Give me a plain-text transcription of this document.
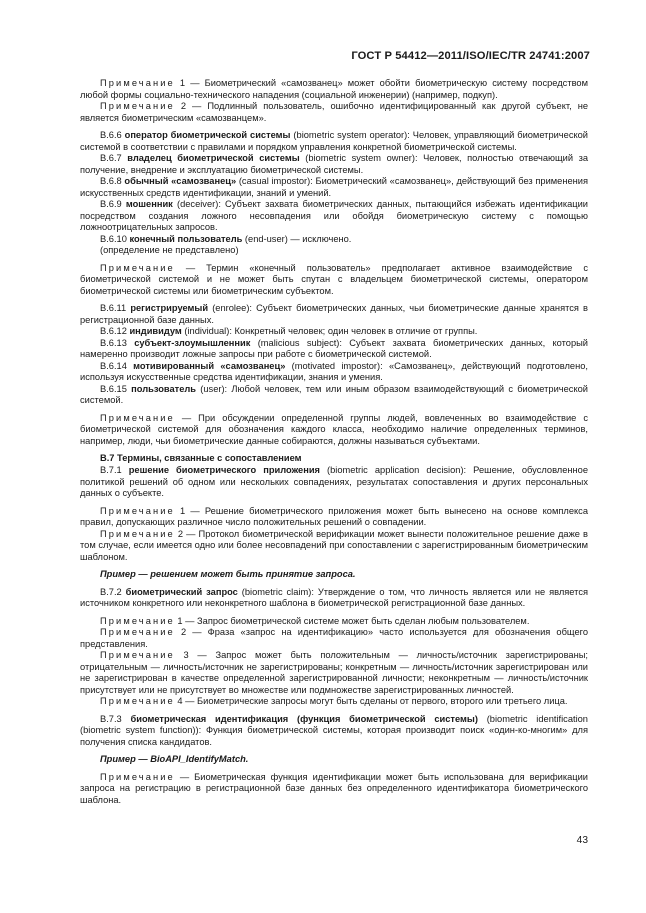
ГОСТ Р 54412—2011/ISO/IEC/TR 24741:2007

Примечание 1 — Биометрический «самозванец» может обойти биометрическую систему посредством любой формы социально-технического нападения (социальной инженерии) (например, подкуп).

Примечание 2 — Подлинный пользователь, ошибочно идентифицированный как другой субъект, не является биометрическим «самозванцем».

В.6.6 оператор биометрической системы (biometric system operator): Человек, управляющий биометрической системой в соответствии с правилами и порядком управления конкретной биометрической системы.

В.6.7 владелец биометрической системы (biometric system owner): Человек, полностью отвечающий за получение, внедрение и эксплуатацию биометрической системы.

В.6.8 обычный «самозванец» (casual impostor): Биометрический «самозванец», действующий без применения искусственных средств идентификации, знаний и умений.

В.6.9 мошенник (deceiver): Субъект захвата биометрических данных, пытающийся избежать идентификации посредством создания ложного несовпадения или обойдя биометрическую систему с помощью ложноотрицательных запросов.

В.6.10 конечный пользователь (end-user) — исключено.

(определение не представлено)

Примечание — Термин «конечный пользователь» предполагает активное взаимодействие с биометрической системой и не может быть спутан с владельцем биометрической системы, оператором биометрической системы или биометрическим субъектом.

В.6.11 регистрируемый (enrolee): Субъект биометрических данных, чьи биометрические данные хранятся в регистрационной базе данных.

В.6.12 индивидум (individual): Конкретный человек; один человек в отличие от группы.

В.6.13 субъект-злоумышленник (malicious subject): Субъект захвата биометрических данных, который намеренно производит ложные запросы при работе с биометрической системой.

В.6.14 мотивированный «самозванец» (motivated impostor): «Самозванец», действующий подготовлено, используя искусственные средства идентификации, знания и умения.

В.6.15 пользователь (user): Любой человек, тем или иным образом взаимодействующий с биометрической системой.

Примечание — При обсуждении определенной группы людей, вовлеченных во взаимодействие с биометрической системой для обозначения каждого класса, необходимо наличие определенных терминов, например, люди, чьи биометрические данные собираются, должны называться субъектами.

В.7 Термины, связанные с сопоставлением

В.7.1 решение биометрического приложения (biometric application decision): Решение, обусловленное политикой решений об одном или нескольких совпадениях, результатах сопоставления и других персональных данных о субъекте.

Примечание 1 — Решение биометрического приложения может быть вынесено на основе комплекса правил, допускающих различное число положительных решений о совпадении.

Примечание 2 — Протокол биометрической верификации может вынести положительное решение даже в том случае, если имеется одно или более несовпадений при сопоставлении с зарегистрированным биометрическим шаблоном.

Пример — решением может быть принятие запроса.

В.7.2 биометрический запрос (biometric claim): Утверждение о том, что личность является или не является источником конкретного или неконкретного шаблона в биометрической регистрационной базе данных.

Примечание 1 — Запрос биометрической системе может быть сделан любым пользователем.

Примечание 2 — Фраза «запрос на идентификацию» часто используется для обозначения общего представления.

Примечание 3 — Запрос может быть положительным — личность/источник зарегистрированы; отрицательным — личность/источник не зарегистрированы; конкретным — личность/источник зарегистрирован или не зарегистрирован в качестве определенной зарегистрированной личности; неконкретным — личность/источник присутствует или не присутствует во множестве или подмножестве зарегистрированных личностей.

Примечание 4 — Биометрические запросы могут быть сделаны от первого, второго или третьего лица.

В.7.3 биометрическая идентификация (функция биометрической системы) (biometric identification (biometric system function)): Функция биометрической системы, которая производит поиск «один-ко-многим» для получения списка кандидатов.

Пример — BioAPI_IdentifyMatch.

Примечание — Биометрическая функция идентификации может быть использована для верификации запроса на регистрацию в регистрационной базе данных без определенного идентификатора биометрического шаблона.

43
